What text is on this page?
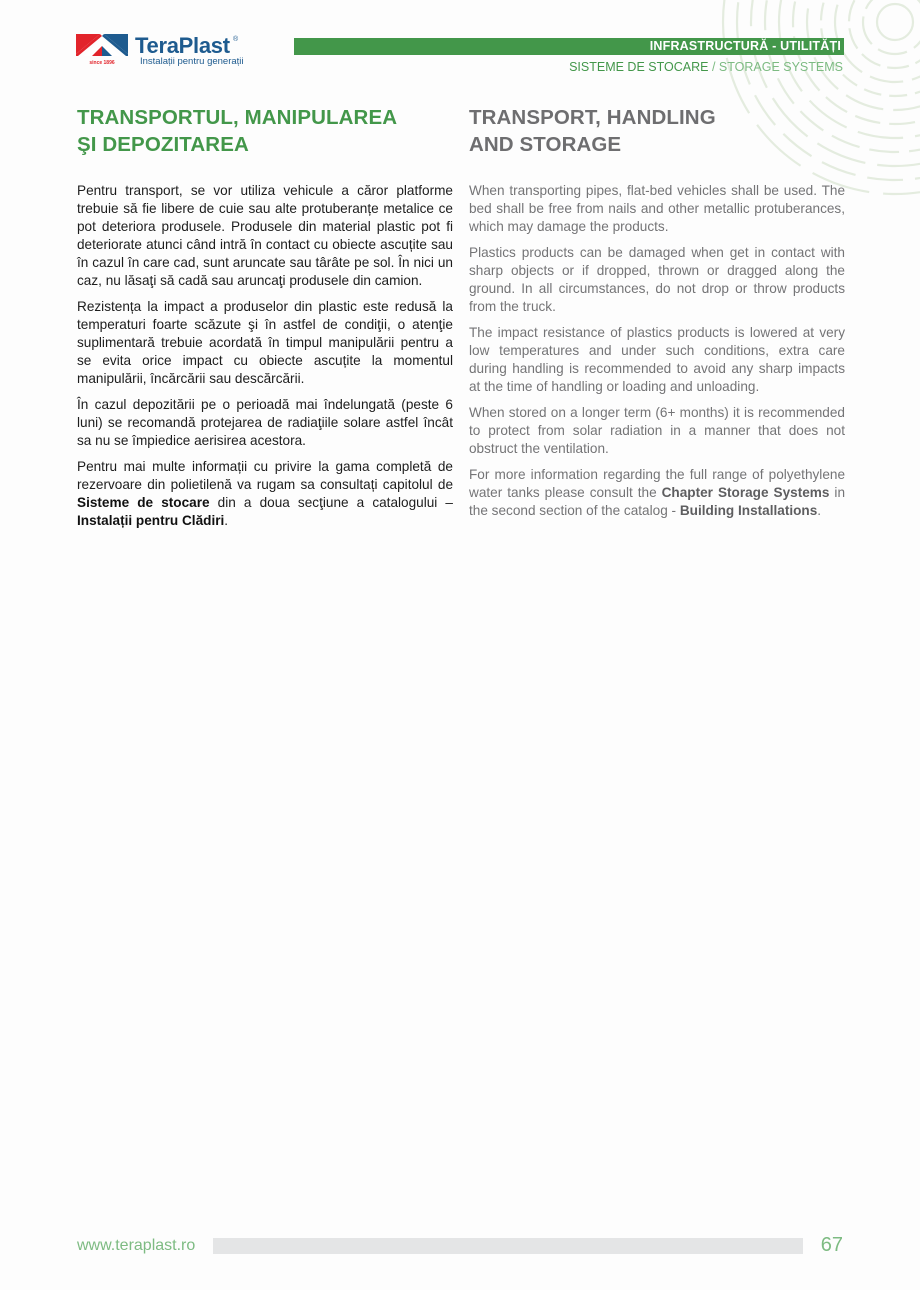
since 1896
TeraPlast ®
Instalații pentru generații
INFRASTRUCTURĂ - UTILITĂȚI
SISTEME DE STOCARE / STORAGE SYSTEMS
TRANSPORTUL, MANIPULAREA
ŞI DEPOZITAREA

Pentru transport, se vor utiliza vehicule a căror platforme trebuie să fie libere de cuie sau alte protuberanțe metalice ce pot deteriora produsele. Produsele din material plastic pot fi deteriorate atunci când intră în contact cu obiecte ascuțite sau în cazul în care cad, sunt aruncate sau târâte pe sol. În nici un caz, nu lăsaţi să cadă sau aruncaţi produsele din camion.

Rezistența la impact a produselor din plastic este redusă la temperaturi foarte scăzute şi în astfel de condiţii, o atenţie suplimentară trebuie acordată în timpul manipulării pentru a se evita orice impact cu obiecte ascuțite la momentul manipulării, încărcării sau descărcării.

În cazul depozitării pe o perioadă mai îndelungată (peste 6 luni) se recomandă protejarea de radiaţiile solare astfel încât sa nu se împiedice aerisirea acestora.

Pentru mai multe informații cu privire la gama completă de rezervoare din polietilenă va rugam sa consultați capitolul de Sisteme de stocare din a doua secţiune a catalogului – Instalații pentru Clădiri.

TRANSPORT, HANDLING
AND STORAGE

When transporting pipes, flat-bed vehicles shall be used. The bed shall be free from nails and other metallic protuberances, which may damage the products.

Plastics products can be damaged when get in contact with sharp objects or if dropped, thrown or dragged along the ground. In all circumstances, do not drop or throw products from the truck.

The impact resistance of plastics products is lowered at very low temperatures and under such conditions, extra care during handling is recommended to avoid any sharp impacts at the time of handling or loading and unloading.

When stored on a longer term (6+ months) it is recommended to protect from solar radiation in a manner that does not obstruct the ventilation.

For more information regarding the full range of polyethylene water tanks please consult the Chapter Storage Systems in the second section of the catalog - Building Installations.

www.teraplast.ro	67
